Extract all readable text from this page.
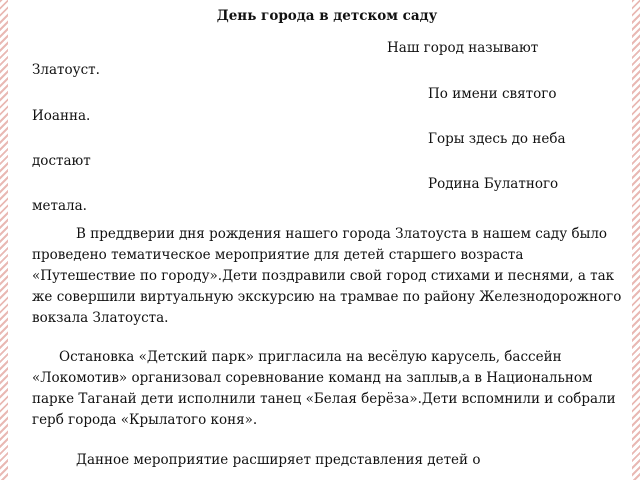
День города в детском саду
Наш город называют
Златоуст.
По имени святого
Иоанна.
Горы здесь до неба
достают
Родина Булатного
метала.

В преддверии дня рождения нашего города Златоуста в нашем саду было проведено тематическое мероприятие для детей старшего возраста «Путешествие по городу».Дети поздравили свой город стихами и песнями, а так же совершили виртуальную экскурсию на трамвае по району Железнодорожного вокзала Златоуста.

Остановка «Детский парк» пригласила на весёлую карусель, бассейн «Локомотив» организовал соревнование команд на заплыв,а в Национальном парке Таганай дети исполнили танец «Белая берёза».Дети вспомнили и собрали герб города «Крылатого коня».

Данное мероприятие расширяет представления детей о
